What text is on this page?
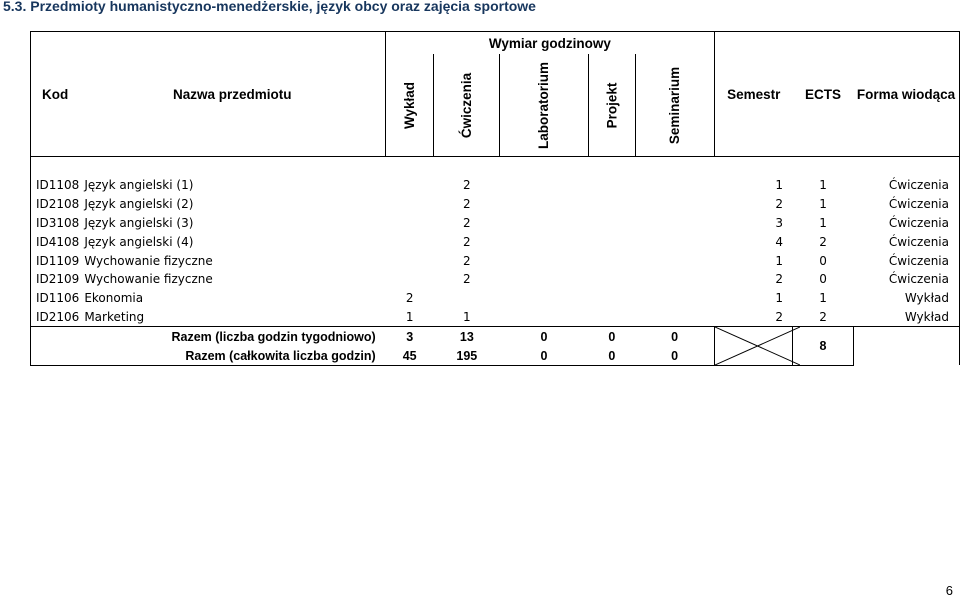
5.3. Przedmioty humanistyczno-menedżerskie, język obcy oraz zajęcia sportowe
Kod	Nazwa przedmiotu	Wymiar godzinowy					Semestr	ECTS	Forma wiodąca
		Wykład	Ćwiczenia	Laboratorium	Projekt	Seminarium			

ID1108	Język angielski (1)		2				1	1	Ćwiczenia
ID2108	Język angielski (2)		2				2	1	Ćwiczenia
ID3108	Język angielski (3)		2				3	1	Ćwiczenia
ID4108	Język angielski (4)		2				4	2	Ćwiczenia
ID1109	Wychowanie fizyczne		2				1	0	Ćwiczenia
ID2109	Wychowanie fizyczne		2				2	0	Ćwiczenia
ID1106	Ekonomia	2					1	1	Wykład
ID2106	Marketing	1	1				2	2	Wykład
	Razem (liczba godzin tygodniowo)	3	13	0	0	0		8	
	Razem (całkowita liczba godzin)	45	195	0	0	0			
6
